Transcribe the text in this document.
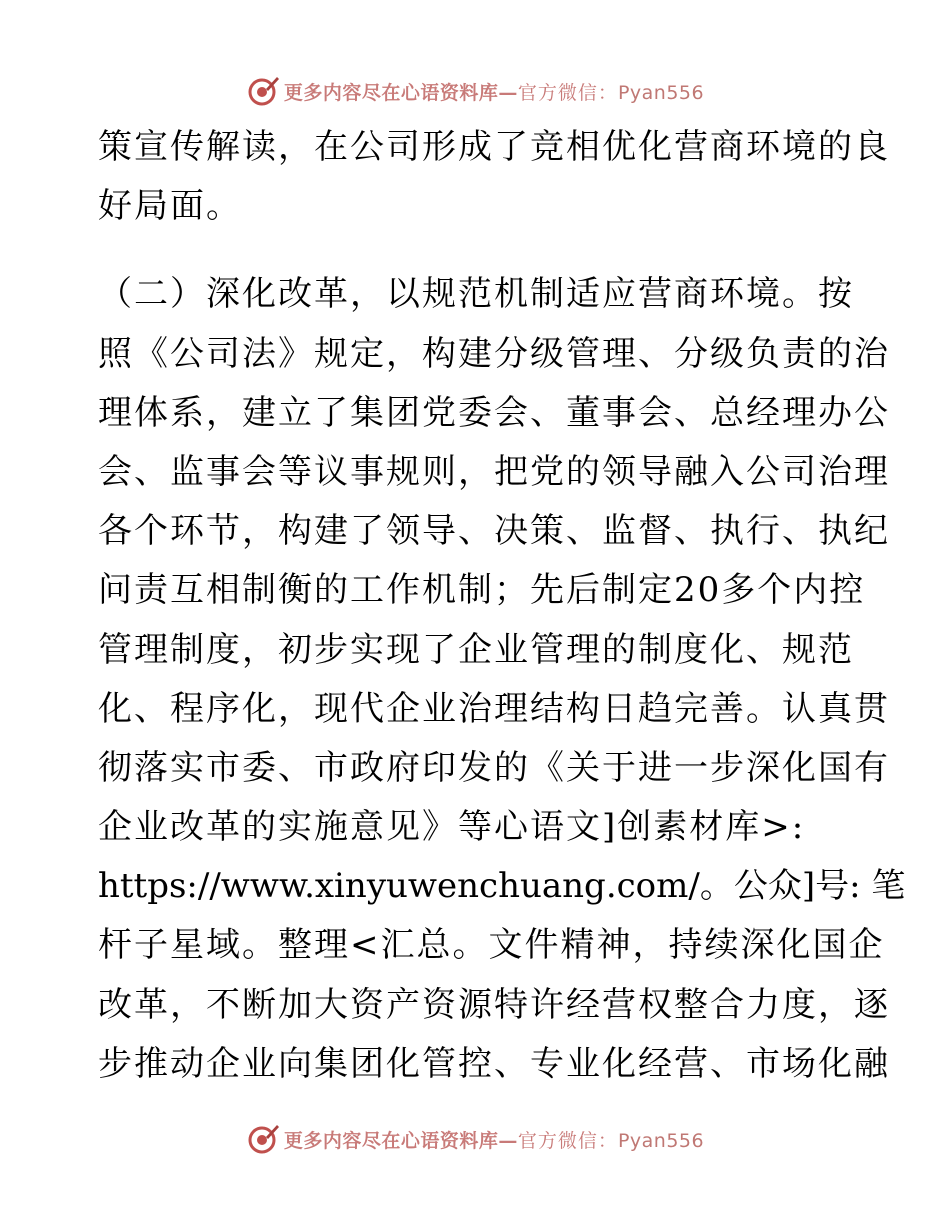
更多内容尽在心语资料库—官方微信：Pyan556
策宣传解读，在公司形成了竞相优化营商环境的良
好局面。
（二）深化改革，以规范机制适应营商环境。按
照《公司法》规定，构建分级管理、分级负责的治
理体系，建立了集团党委会、董事会、总经理办公
会、监事会等议事规则，把党的领导融入公司治理
各个环节，构建了领导、决策、监督、执行、执纪
问责互相制衡的工作机制；先后制定20多个内控
管理制度，初步实现了企业管理的制度化、规范
化、程序化，现代企业治理结构日趋完善。认真贯
彻落实市委、市政府印发的《关于进一步深化国有
企业改革的实施意见》等心语文]创素材库>:
https://www.xinyuwenchuang.com/。公众]号: 笔
杆子星域。整理<汇总。文件精神，持续深化国企
改革，不断加大资产资源特许经营权整合力度，逐
步推动企业向集团化管控、专业化经营、市场化融
更多内容尽在心语资料库—官方微信：Pyan556
